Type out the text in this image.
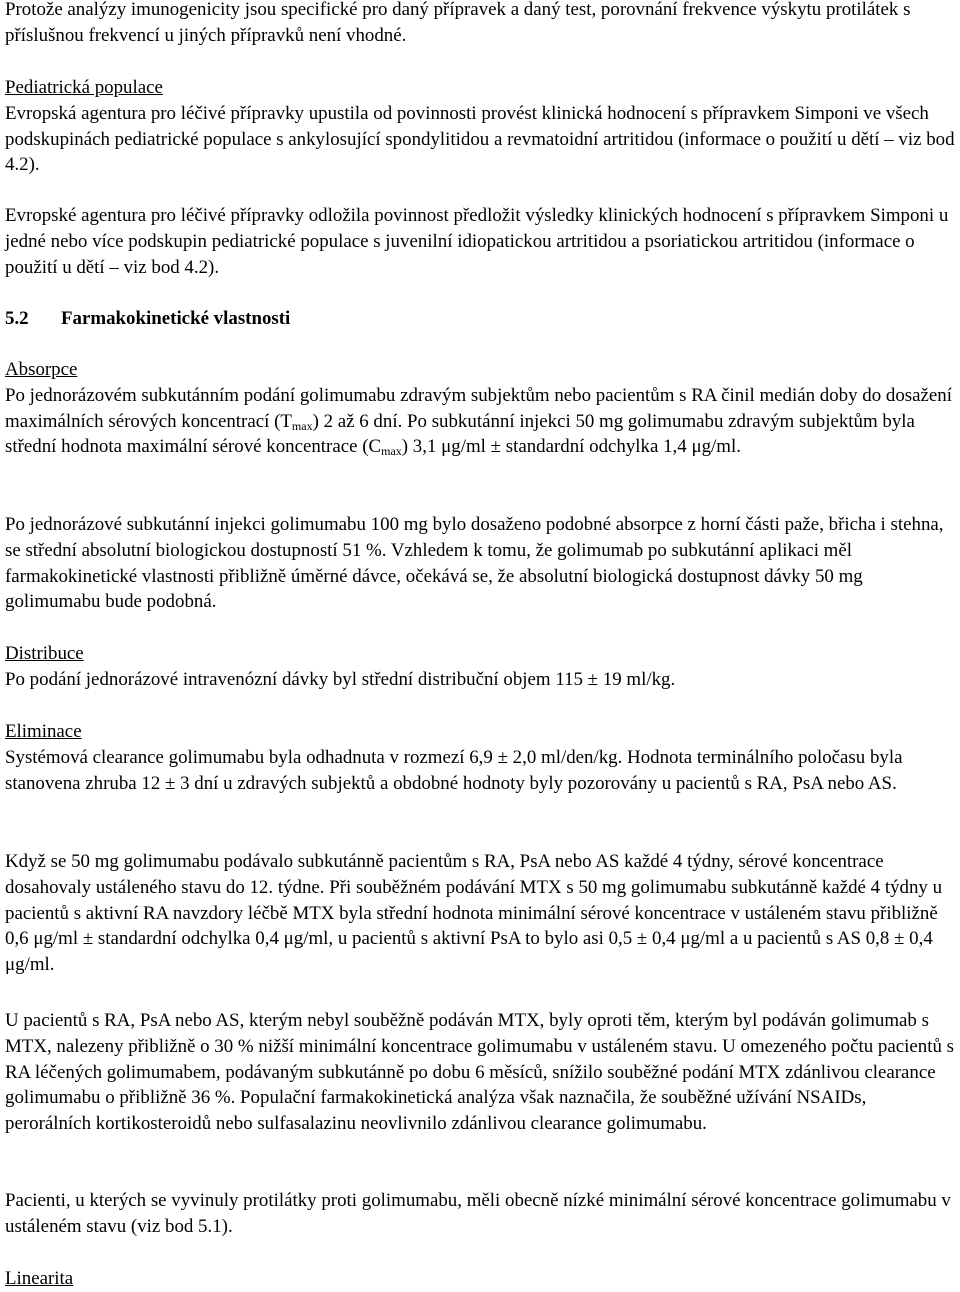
Protože analýzy imunogenicity jsou specifické pro daný přípravek a daný test, porovnání frekvence výskytu protilátek s příslušnou frekvencí u jiných přípravků není vhodné.

Pediatrická populace
Evropská agentura pro léčivé přípravky upustila od povinnosti provést klinická hodnocení s přípravkem Simponi ve všech podskupinách pediatrické populace s ankylosující spondylitidou a revmatoidní artritidou (informace o použití u dětí – viz bod 4.2).

Evropské agentura pro léčivé přípravky odložila povinnost předložit výsledky klinických hodnocení s přípravkem Simponi u jedné nebo více podskupin pediatrické populace s juvenilní idiopatickou artritidou a psoriatickou artritidou (informace o použití u dětí – viz bod 4.2).

5.2 Farmakokinetické vlastnosti
Absorpce
Po jednorázovém subkutánním podání golimumabu zdravým subjektům nebo pacientům s RA činil medián doby do dosažení maximálních sérových koncentrací $(T_{max})$ 2 až 6 dní. Po subkutánní injekci 50 mg golimumabu zdravým subjektům byla střední hodnota maximální sérové koncentrace $(C_{max})$ 3,1 μg/ml ± standardní odchylka 1,4 μg/ml.

Po jednorázové subkutánní injekci golimumabu 100 mg bylo dosaženo podobné absorpce z horní části paže, břicha i stehna, se střední absolutní biologickou dostupností 51 %. Vzhledem k tomu, že golimumab po subkutánní aplikaci měl farmakokinetické vlastnosti přibližně úměrné dávce, očekává se, že absolutní biologická dostupnost dávky 50 mg golimumabu bude podobná.

Distribuce
Po podání jednorázové intravenózní dávky byl střední distribuční objem 115 ± 19 ml/kg.
Eliminace
Systémová clearance golimumabu byla odhadnuta v rozmezí 6,9 ± 2,0 ml/den/kg. Hodnota terminálního poločasu byla stanovena zhruba 12 ± 3 dní u zdravých subjektů a obdobné hodnoty byly pozorovány u pacientů s RA, PsA nebo AS.

Když se 50 mg golimumabu podávalo subkutánně pacientům s RA, PsA nebo AS každé 4 týdny, sérové koncentrace dosahovaly ustáleného stavu do 12. týdne. Při souběžném podávání MTX s 50 mg golimumabu subkutánně každé 4 týdny u pacientů s aktivní RA navzdory léčbě MTX byla střední hodnota minimální sérové koncentrace v ustáleném stavu přibližně 0,6 μg/ml ± standardní odchylka 0,4 μg/ml, u pacientů s aktivní PsA to bylo asi 0,5 ± 0,4 μg/ml a u pacientů s AS 0,8 ± 0,4 μg/ml.

U pacientů s RA, PsA nebo AS, kterým nebyl souběžně podáván MTX, byly oproti těm, kterým byl podáván golimumab s MTX, nalezeny přibližně o 30 % nižší minimální koncentrace golimumabu v ustáleném stavu. U omezeného počtu pacientů s RA léčených golimumabem, podávaným subkutánně po dobu 6 měsíců, snížilo souběžné podání MTX zdánlivou clearance golimumabu o přibližně 36 %. Populační farmakokinetická analýza však naznačila, že souběžné užívání NSAIDs, perorálních kortikosteroidů nebo sulfasalazinu neovlivnilo zdánlivou clearance golimumabu.

Pacienti, u kterých se vyvinuly protilátky proti golimumabu, měli obecně nízké minimální sérové koncentrace golimumabu v ustáleném stavu (viz bod 5.1).

Linearita
